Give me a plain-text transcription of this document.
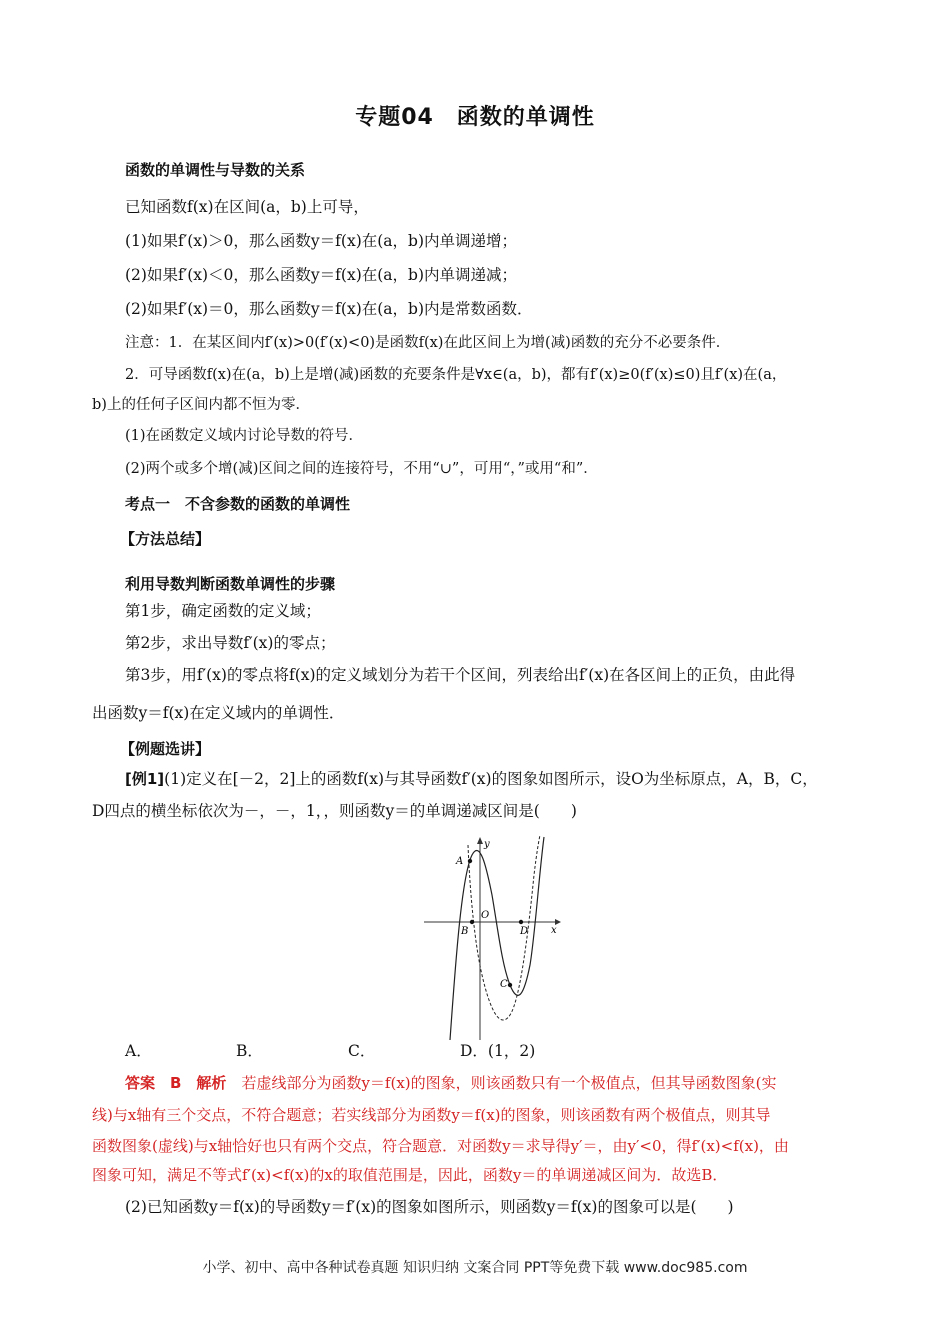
专题04　函数的单调性
函数的单调性与导数的关系
已知函数f(x)在区间(a，b)上可导，
(1)如果f′(x)＞0，那么函数y＝f(x)在(a，b)内单调递增；
(2)如果f′(x)＜0，那么函数y＝f(x)在(a，b)内单调递减；
(2)如果f′(x)＝0，那么函数y＝f(x)在(a，b)内是常数函数．
注意：1．在某区间内f′(x)>0(f′(x)<0)是函数f(x)在此区间上为增(减)函数的充分不必要条件．
2．可导函数f(x)在(a，b)上是增(减)函数的充要条件是∀x∈(a，b)，都有f′(x)≥0(f′(x)≤0)且f′(x)在(a，
b)上的任何子区间内都不恒为零．
(1)在函数定义域内讨论导数的符号．
(2)两个或多个增(减)区间之间的连接符号，不用“∪”，可用“，”或用“和”．
考点一　不含参数的函数的单调性
【方法总结】
利用导数判断函数单调性的步骤
第1步，确定函数的定义域；
第2步，求出导数f′(x)的零点；
第3步，用f′(x)的零点将f(x)的定义域划分为若干个区间，列表给出f′(x)在各区间上的正负，由此得
出函数y＝f(x)在定义域内的单调性．
【例题选讲】
[例1](1)定义在[－2，2]上的函数f(x)与其导函数f′(x)的图象如图所示，设O为坐标原点，A，B，C，
D四点的横坐标依次为－，－，1，，则函数y＝的单调递减区间是(　　)
y
x
A
B
O
D
C
A．	B．	C．	D．(1，2)
答案　B　解析　 若虚线部分为函数y＝f(x)的图象，则该函数只有一个极值点，但其导函数图象(实
线)与x轴有三个交点，不符合题意；若实线部分为函数y＝f(x)的图象，则该函数有两个极值点，则其导
函数图象(虚线)与x轴恰好也只有两个交点，符合题意．对函数y＝求导得y′＝，由y′<0，得f′(x)<f(x)，由
图象可知，满足不等式f′(x)<f(x)的x的取值范围是，因此，函数y＝的单调递减区间为．故选B．
(2)已知函数y＝f(x)的导函数y＝f′(x)的图象如图所示，则函数y＝f(x)的图象可以是(　　)
小学、初中、高中各种试卷真题 知识归纳 文案合同 PPT等免费下载 www.doc985.com
